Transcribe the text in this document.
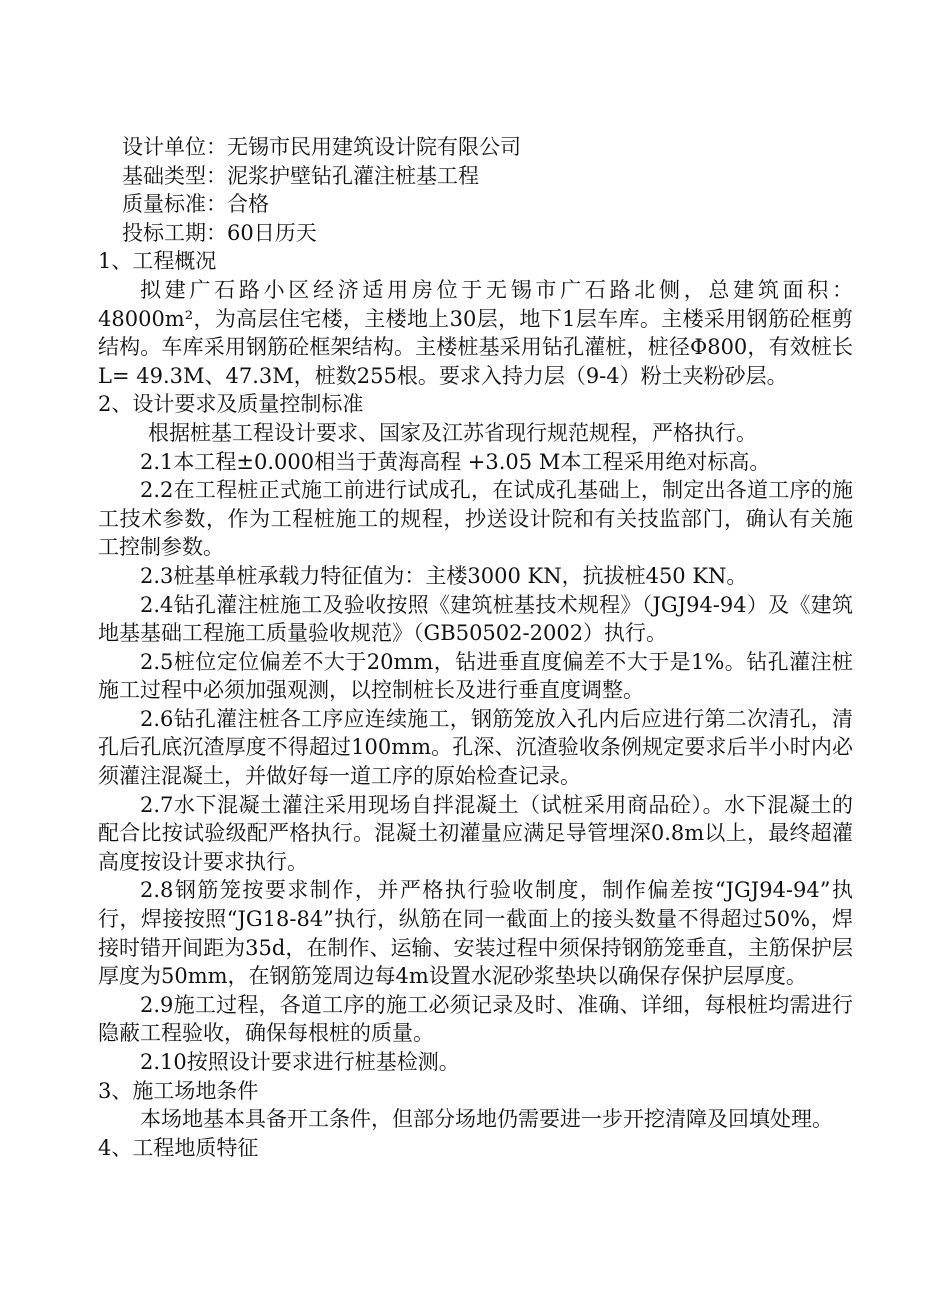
设计单位：无锡市民用建筑设计院有限公司
基础类型：泥浆护壁钻孔灌注桩基工程
质量标准：合格
投标工期：60日历天
1、工程概况

拟建广石路小区经济适用房位于无锡市广石路北侧，总建筑面积：48000m²，为高层住宅楼，主楼地上30层，地下1层车库。主楼采用钢筋砼框剪结构。车库采用钢筋砼框架结构。主楼桩基采用钻孔灌桩，桩径Φ800，有效桩长L= 49.3M、47.3M，桩数255根。要求入持力层（9-4）粉土夹粉砂层。

2、设计要求及质量控制标准

根据桩基工程设计要求、国家及江苏省现行规范规程，严格执行。

2.1本工程±0.000相当于黄海高程 +3.05 M本工程采用绝对标高。

2.2在工程桩正式施工前进行试成孔，在试成孔基础上，制定出各道工序的施工技术参数，作为工程桩施工的规程，抄送设计院和有关技监部门，确认有关施工控制参数。

2.3桩基单桩承载力特征值为：主楼3000 KN，抗拔桩450 KN。

2.4钻孔灌注桩施工及验收按照《建筑桩基技术规程》（JGJ94-94）及《建筑地基基础工程施工质量验收规范》（GB50502-2002）执行。

2.5桩位定位偏差不大于20mm，钻进垂直度偏差不大于是1%。钻孔灌注桩施工过程中必须加强观测，以控制桩长及进行垂直度调整。

2.6钻孔灌注桩各工序应连续施工，钢筋笼放入孔内后应进行第二次清孔，清孔后孔底沉渣厚度不得超过100mm。孔深、沉渣验收条例规定要求后半小时内必须灌注混凝土，并做好每一道工序的原始检查记录。

2.7水下混凝土灌注采用现场自拌混凝土（试桩采用商品砼）。水下混凝土的配合比按试验级配严格执行。混凝土初灌量应满足导管埋深0.8m以上，最终超灌高度按设计要求执行。

2.8钢筋笼按要求制作，并严格执行验收制度，制作偏差按“JGJ94-94”执行，焊接按照“JG18-84”执行，纵筋在同一截面上的接头数量不得超过50%，焊接时错开间距为35d，在制作、运输、安装过程中须保持钢筋笼垂直，主筋保护层厚度为50mm，在钢筋笼周边每4m设置水泥砂浆垫块以确保存保护层厚度。

2.9施工过程，各道工序的施工必须记录及时、准确、详细，每根桩均需进行隐蔽工程验收，确保每根桩的质量。

2.10按照设计要求进行桩基检测。

3、施工场地条件

本场地基本具备开工条件，但部分场地仍需要进一步开挖清障及回填处理。

4、工程地质特征
